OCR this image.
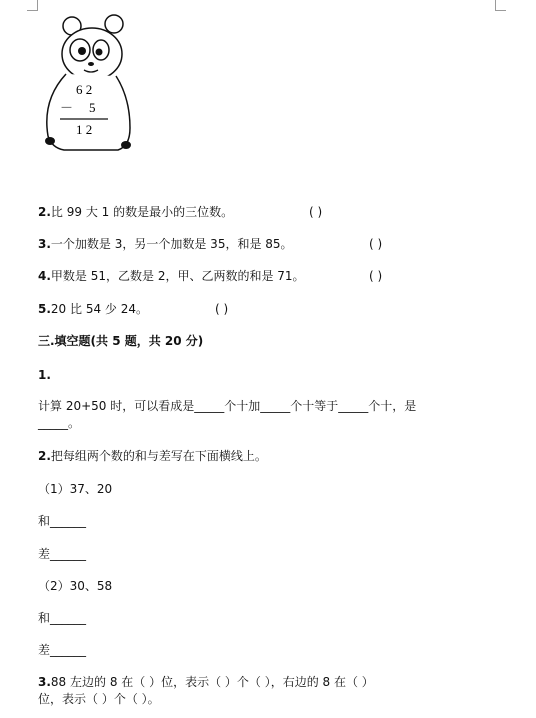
6 2
－ 5
1 2
2.比 99 大 1 的数是最小的三位数。	( )
3.一个加数是 3，另一个加数是 35，和是 85。	( )
4.甲数是 51，乙数是 2，甲、乙两数的和是 71。	( )
5.20 比 54 少 24。	( )
三.填空题(共 5 题，共 20 分)
1.
计算 20+50 时，可以看成是_____个十加_____个十等于_____个十，是
_____。
2.把每组两个数的和与差写在下面横线上。
（1）37、20
和______
差______
（2）30、58
和______
差______
3.88 左边的 8 在（ ）位，表示（ ）个（ ），右边的 8 在（ ）
位，表示（ ）个（ ）。
